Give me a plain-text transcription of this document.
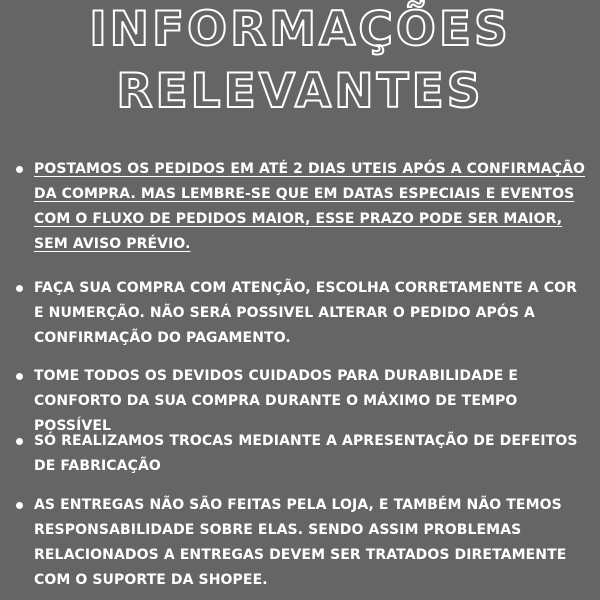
INFORMAÇÕES
RELEVANTES
POSTAMOS OS PEDIDOS EM ATÉ 2 DIAS UTEIS APÓS A CONFIRMAÇÃO DA COMPRA. MAS LEMBRE-SE QUE EM DATAS ESPECIAIS E EVENTOS COM O FLUXO DE PEDIDOS MAIOR, ESSE PRAZO PODE SER MAIOR, SEM AVISO PRÉVIO.
FAÇA SUA COMPRA COM ATENÇÃO, ESCOLHA CORRETAMENTE A COR E NUMERÇÃO. NÃO SERÁ POSSIVEL ALTERAR O PEDIDO APÓS A CONFIRMAÇÃO DO PAGAMENTO.
TOME TODOS OS DEVIDOS CUIDADOS PARA DURABILIDADE E CONFORTO DA SUA COMPRA DURANTE O MÁXIMO DE TEMPO POSSÍVEL
SÓ REALIZAMOS TROCAS MEDIANTE A APRESENTAÇÃO DE DEFEITOS DE FABRICAÇÃO
AS ENTREGAS NÃO SÃO FEITAS PELA LOJA, E TAMBÉM NÃO TEMOS RESPONSABILIDADE SOBRE ELAS. SENDO ASSIM PROBLEMAS RELACIONADOS A ENTREGAS DEVEM SER TRATADOS DIRETAMENTE COM O SUPORTE DA SHOPEE.
